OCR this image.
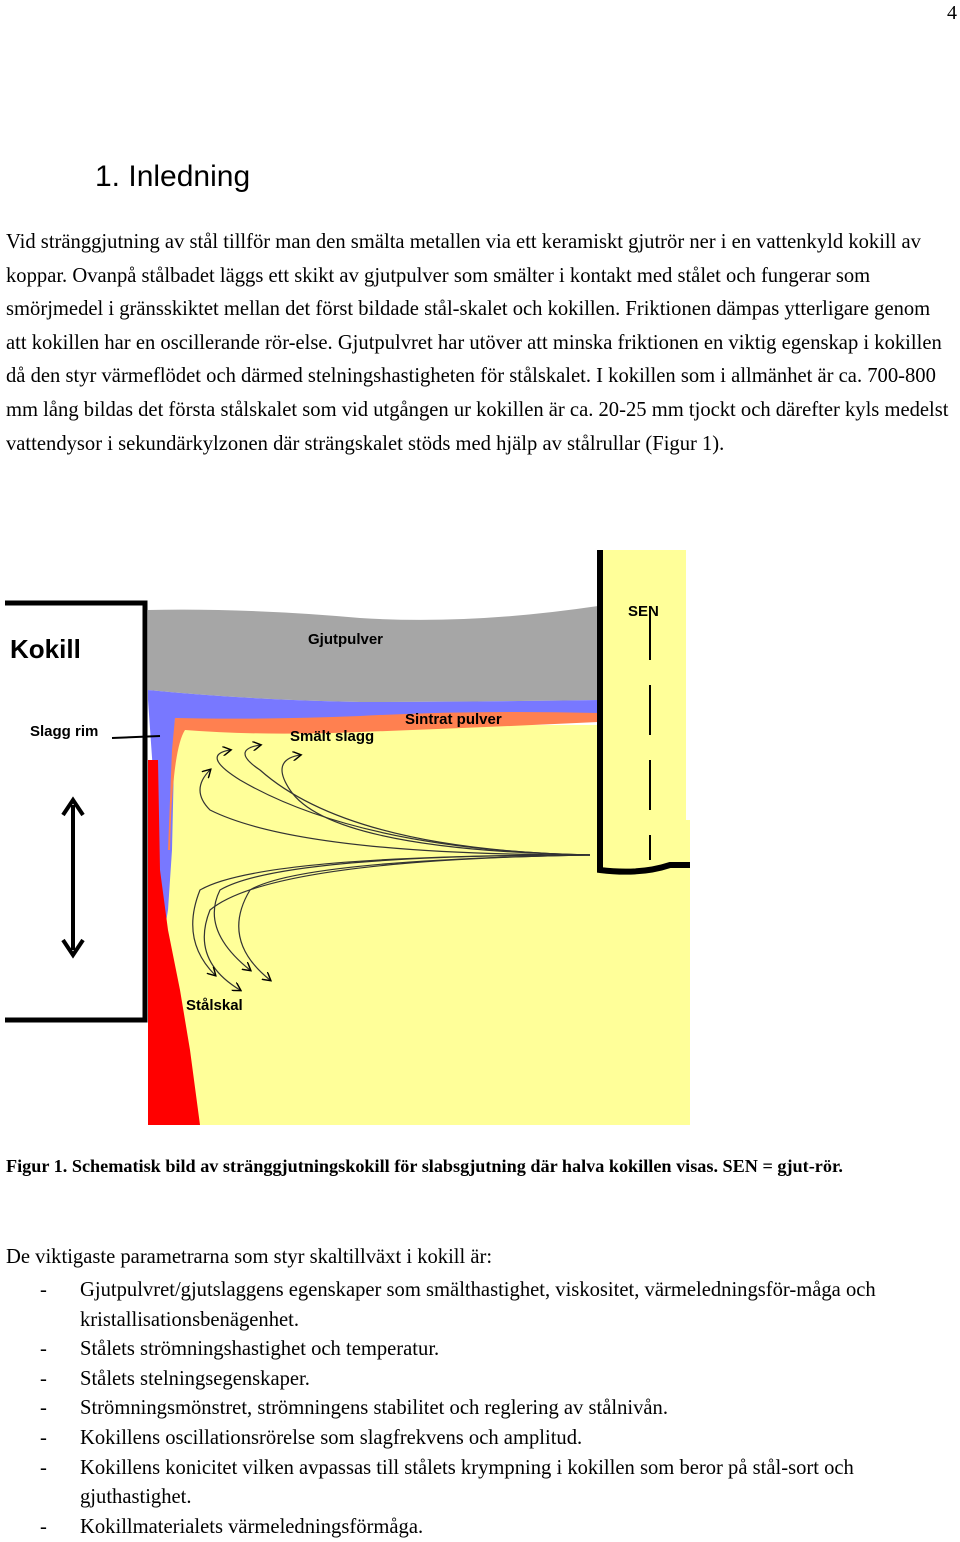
4
1. Inledning

Vid stränggjutning av stål tillför man den smälta metallen via ett keramiskt gjutrör ner i en vattenkyld kokill av koppar. Ovanpå stålbadet läggs ett skikt av gjutpulver som smälter i kontakt med stålet och fungerar som smörjmedel i gränsskiktet mellan det först bildade stål-skalet och kokillen. Friktionen dämpas ytterligare genom att kokillen har en oscillerande rör-else. Gjutpulvret har utöver att minska friktionen en viktig egenskap i kokillen då den styr värmeflödet och därmed stelningshastigheten för stålskalet. I kokillen som i allmänhet är ca. 700-800 mm lång bildas det första stålskalet som vid utgången ur kokillen är ca. 20-25 mm tjockt och därefter kyls medelst vattendysor i sekundärkylzonen där strängskalet stöds med hjälp av stålrullar (Figur 1).

Kokill	Gjutpulver
SEN
Slagg rim
Sintrat pulver
Smält slagg
Stålskal

Figur 1. Schematisk bild av stränggjutningskokill för slabsgjutning där halva kokillen visas. SEN = gjut-rör.

De viktigaste parametrarna som styr skaltillväxt i kokill är:

- Gjutpulvret/gjutslaggens egenskaper som smälthastighet, viskositet, värmeledningsför-måga och kristallisationsbenägenhet.
- Stålets strömningshastighet och temperatur.
- Stålets stelningsegenskaper.
- Strömningsmönstret, strömningens stabilitet och reglering av stålnivån.
- Kokillens oscillationsrörelse som slagfrekvens och amplitud.
- Kokillens konicitet vilken avpassas till stålets krympning i kokillen som beror på stål-sort och gjuthastighet.
- Kokillmaterialets värmeledningsförmåga.
